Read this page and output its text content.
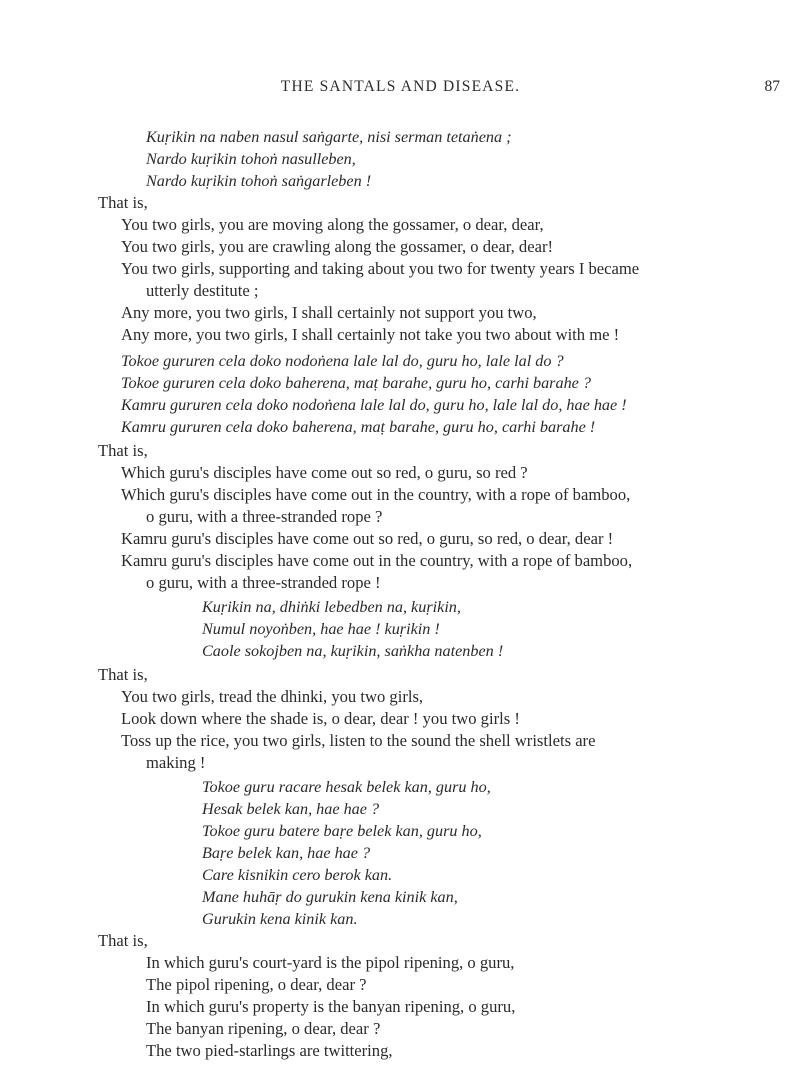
THE SANTALS AND DISEASE.	87
Kuṛikin na naben nasul saṅgarte, nisi serman tetaṅena ;
Nardo kuṛikin tohoṅ nasulleben,
Nardo kuṛikin tohoṅ saṅgarleben !
That is,
You two girls, you are moving along the gossamer, o dear, dear,
You two girls, you are crawling along the gossamer, o dear, dear!
You two girls, supporting and taking about you two for twenty years I became
utterly destitute ;
Any more, you two girls, I shall certainly not support you two,
Any more, you two girls, I shall certainly not take you two about with me !
Tokoe gururen cela doko nodoṅena lale lal do, guru ho, lale lal do ?
Tokoe gururen cela doko baherena, maṭ barahe, guru ho, carhi barahe ?
Kamru gururen cela doko nodoṅena lale lal do, guru ho, lale lal do, hae hae !
Kamru gururen cela doko baherena, maṭ barahe, guru ho, carhi barahe !
That is,
Which guru's disciples have come out so red, o guru, so red ?
Which guru's disciples have come out in the country, with a rope of bamboo,
o guru, with a three-stranded rope ?
Kamru guru's disciples have come out so red, o guru, so red, o dear, dear !
Kamru guru's disciples have come out in the country, with a rope of bamboo,
o guru, with a three-stranded rope !
Kuṛikin na, dhiṅki lebedben na, kuṛikin,
Numul noyoṅben, hae hae ! kuṛikin !
Caole sokojben na, kuṛikin, saṅkha natenben !
That is,
You two girls, tread the dhinki, you two girls,
Look down where the shade is, o dear, dear ! you two girls !
Toss up the rice, you two girls, listen to the sound the shell wristlets are
making !
Tokoe guru racare hesak belek kan, guru ho,
Hesak belek kan, hae hae ?
Tokoe guru batere baṛe belek kan, guru ho,
Baṛe belek kan, hae hae ?
Care kisnikin cero berok kan.
Mane huhāṛ do gurukin kena kinik kan,
Gurukin kena kinik kan.
That is,
In which guru's court-yard is the pipol ripening, o guru,
The pipol ripening, o dear, dear ?
In which guru's property is the banyan ripening, o guru,
The banyan ripening, o dear, dear ?
The two pied-starlings are twittering,
